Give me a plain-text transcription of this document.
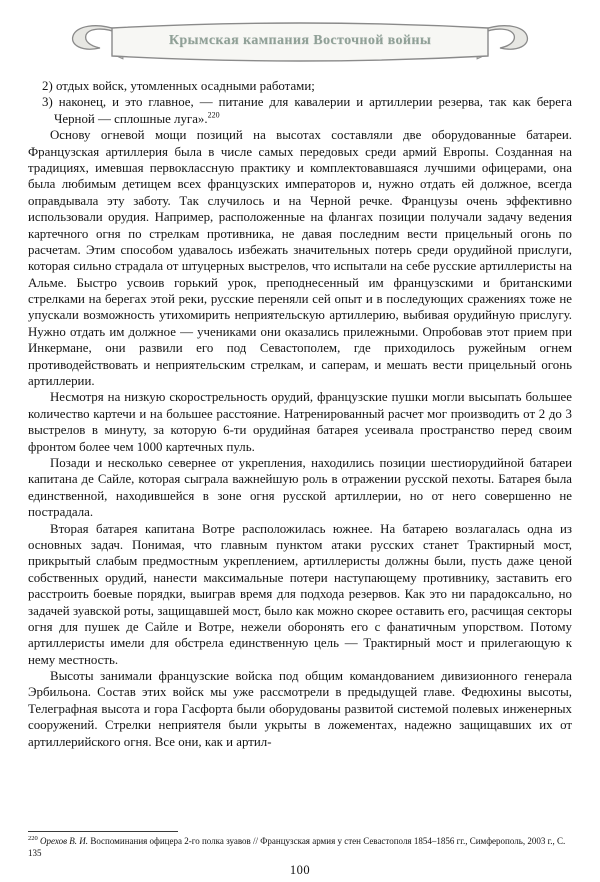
Крымская кампания Восточной войны

2) отдых войск, утомленных осадными работами;

3) наконец, и это главное, — питание для кавалерии и артиллерии резерва, так как берега Черной — сплошные луга».$^{220}$

Основу огневой мощи позиций на высотах составляли две оборудованные батареи. Французская артиллерия была в числе самых передовых среди армий Европы. Созданная на традициях, имевшая первоклассную практику и комплектовавшаяся лучшими офицерами, она была любимым детищем всех французских императоров и, нужно отдать ей должное, всегда оправдывала эту заботу. Так случилось и на Черной речке. Французы очень эффективно использовали орудия. Например, расположенные на флангах позиции получали задачу ведения картечного огня по стрелкам противника, не давая последним вести прицельный огонь по расчетам. Этим способом удавалось избежать значительных потерь среди орудийной прислуги, которая сильно страдала от штуцерных выстрелов, что испытали на себе русские артиллеристы на Альме. Быстро усвоив горький урок, преподнесенный им французскими и британскими стрелками на берегах этой реки, русские переняли сей опыт и в последующих сражениях тоже не упускали возможность утихомирить неприятельскую артиллерию, выбивая орудийную прислугу. Нужно отдать им должное — учениками они оказались прилежными. Опробовав этот прием при Инкермане, они развили его под Севастополем, где приходилось ружейным огнем противодействовать и неприятельским стрелкам, и саперам, и мешать вести прицельный огонь артиллерии.

Несмотря на низкую скорострельность орудий, французские пушки могли высыпать большее количество картечи и на большее расстояние. Натренированный расчет мог производить от 2 до 3 выстрелов в минуту, за которую 6-ти орудийная батарея усеивала пространство перед своим фронтом более чем 1000 картечных пуль.

Позади и несколько севернее от укрепления, находились позиции шестиорудийной батареи капитана де Сайле, которая сыграла важнейшую роль в отражении русской пехоты. Батарея была единственной, находившейся в зоне огня русской артиллерии, но от него совершенно не пострадала.

Вторая батарея капитана Вотре расположилась южнее. На батарею возлагалась одна из основных задач. Понимая, что главным пунктом атаки русских станет Трактирный мост, прикрытый слабым предмостным укреплением, артиллеристы должны были, пусть даже ценой собственных орудий, нанести максимальные потери наступающему противнику, заставить его расстроить боевые порядки, выиграв время для подхода резервов. Как это ни парадоксально, но задачей зуавской роты, защищавшей мост, было как можно скорее оставить его, расчищая секторы огня для пушек де Сайле и Вотре, нежели оборонять его с фанатичным упорством. Потому артиллеристы имели для обстрела единственную цель — Трактирный мост и прилегающую к нему местность.

Высоты занимали французские войска под общим командованием дивизионного генерала Эрбильона. Состав этих войск мы уже рассмотрели в предыдущей главе. Федюхины высоты, Телеграфная высота и гора Гасфорта были оборудованы развитой системой полевых инженерных сооружений. Стрелки неприятеля были укрыты в ложементах, надежно защищавших их от артиллерийского огня. Все они, как и артил-

$^{220}$ Орехов В. И. Воспоминания офицера 2-го полка зуавов // Французская армия у стен Севастополя 1854–1856 гг., Симферополь, 2003 г., С. 135
100
